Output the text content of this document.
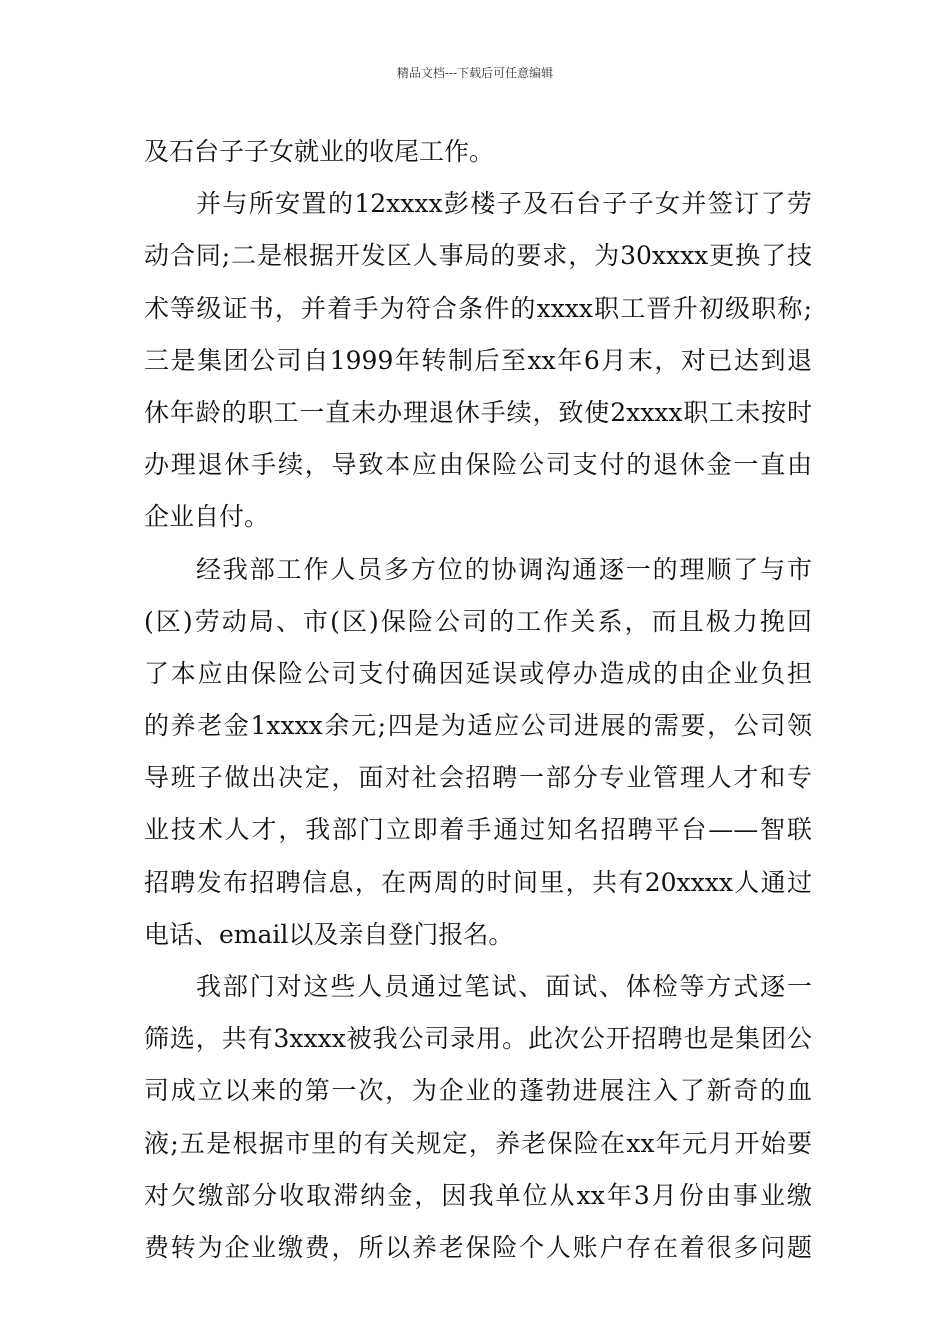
精品文档---下载后可任意编辑
及石台子子女就业的收尾工作。
并与所安置的12xxxx彭楼子及石台子子女并签订了劳
动合同;二是根据开发区人事局的要求，为30xxxx更换了技
术等级证书，并着手为符合条件的xxxx职工晋升初级职称;
三是集团公司自1999年转制后至xx年6月末，对已达到退
休年龄的职工一直未办理退休手续，致使2xxxx职工未按时
办理退休手续，导致本应由保险公司支付的退休金一直由
企业自付。
经我部工作人员多方位的协调沟通逐一的理顺了与市
(区)劳动局、市(区)保险公司的工作关系，而且极力挽回
了本应由保险公司支付确因延误或停办造成的由企业负担
的养老金1xxxx余元;四是为适应公司进展的需要，公司领
导班子做出决定，面对社会招聘一部分专业管理人才和专
业技术人才，我部门立即着手通过知名招聘平台——智联
招聘发布招聘信息，在两周的时间里，共有20xxxx人通过
电话、email以及亲自登门报名。
我部门对这些人员通过笔试、面试、体检等方式逐一
筛选，共有3xxxx被我公司录用。此次公开招聘也是集团公
司成立以来的第一次，为企业的蓬勃进展注入了新奇的血
液;五是根据市里的有关规定，养老保险在xx年元月开始要
对欠缴部分收取滞纳金，因我单位从xx年3月份由事业缴
费转为企业缴费，所以养老保险个人账户存在着很多问题
